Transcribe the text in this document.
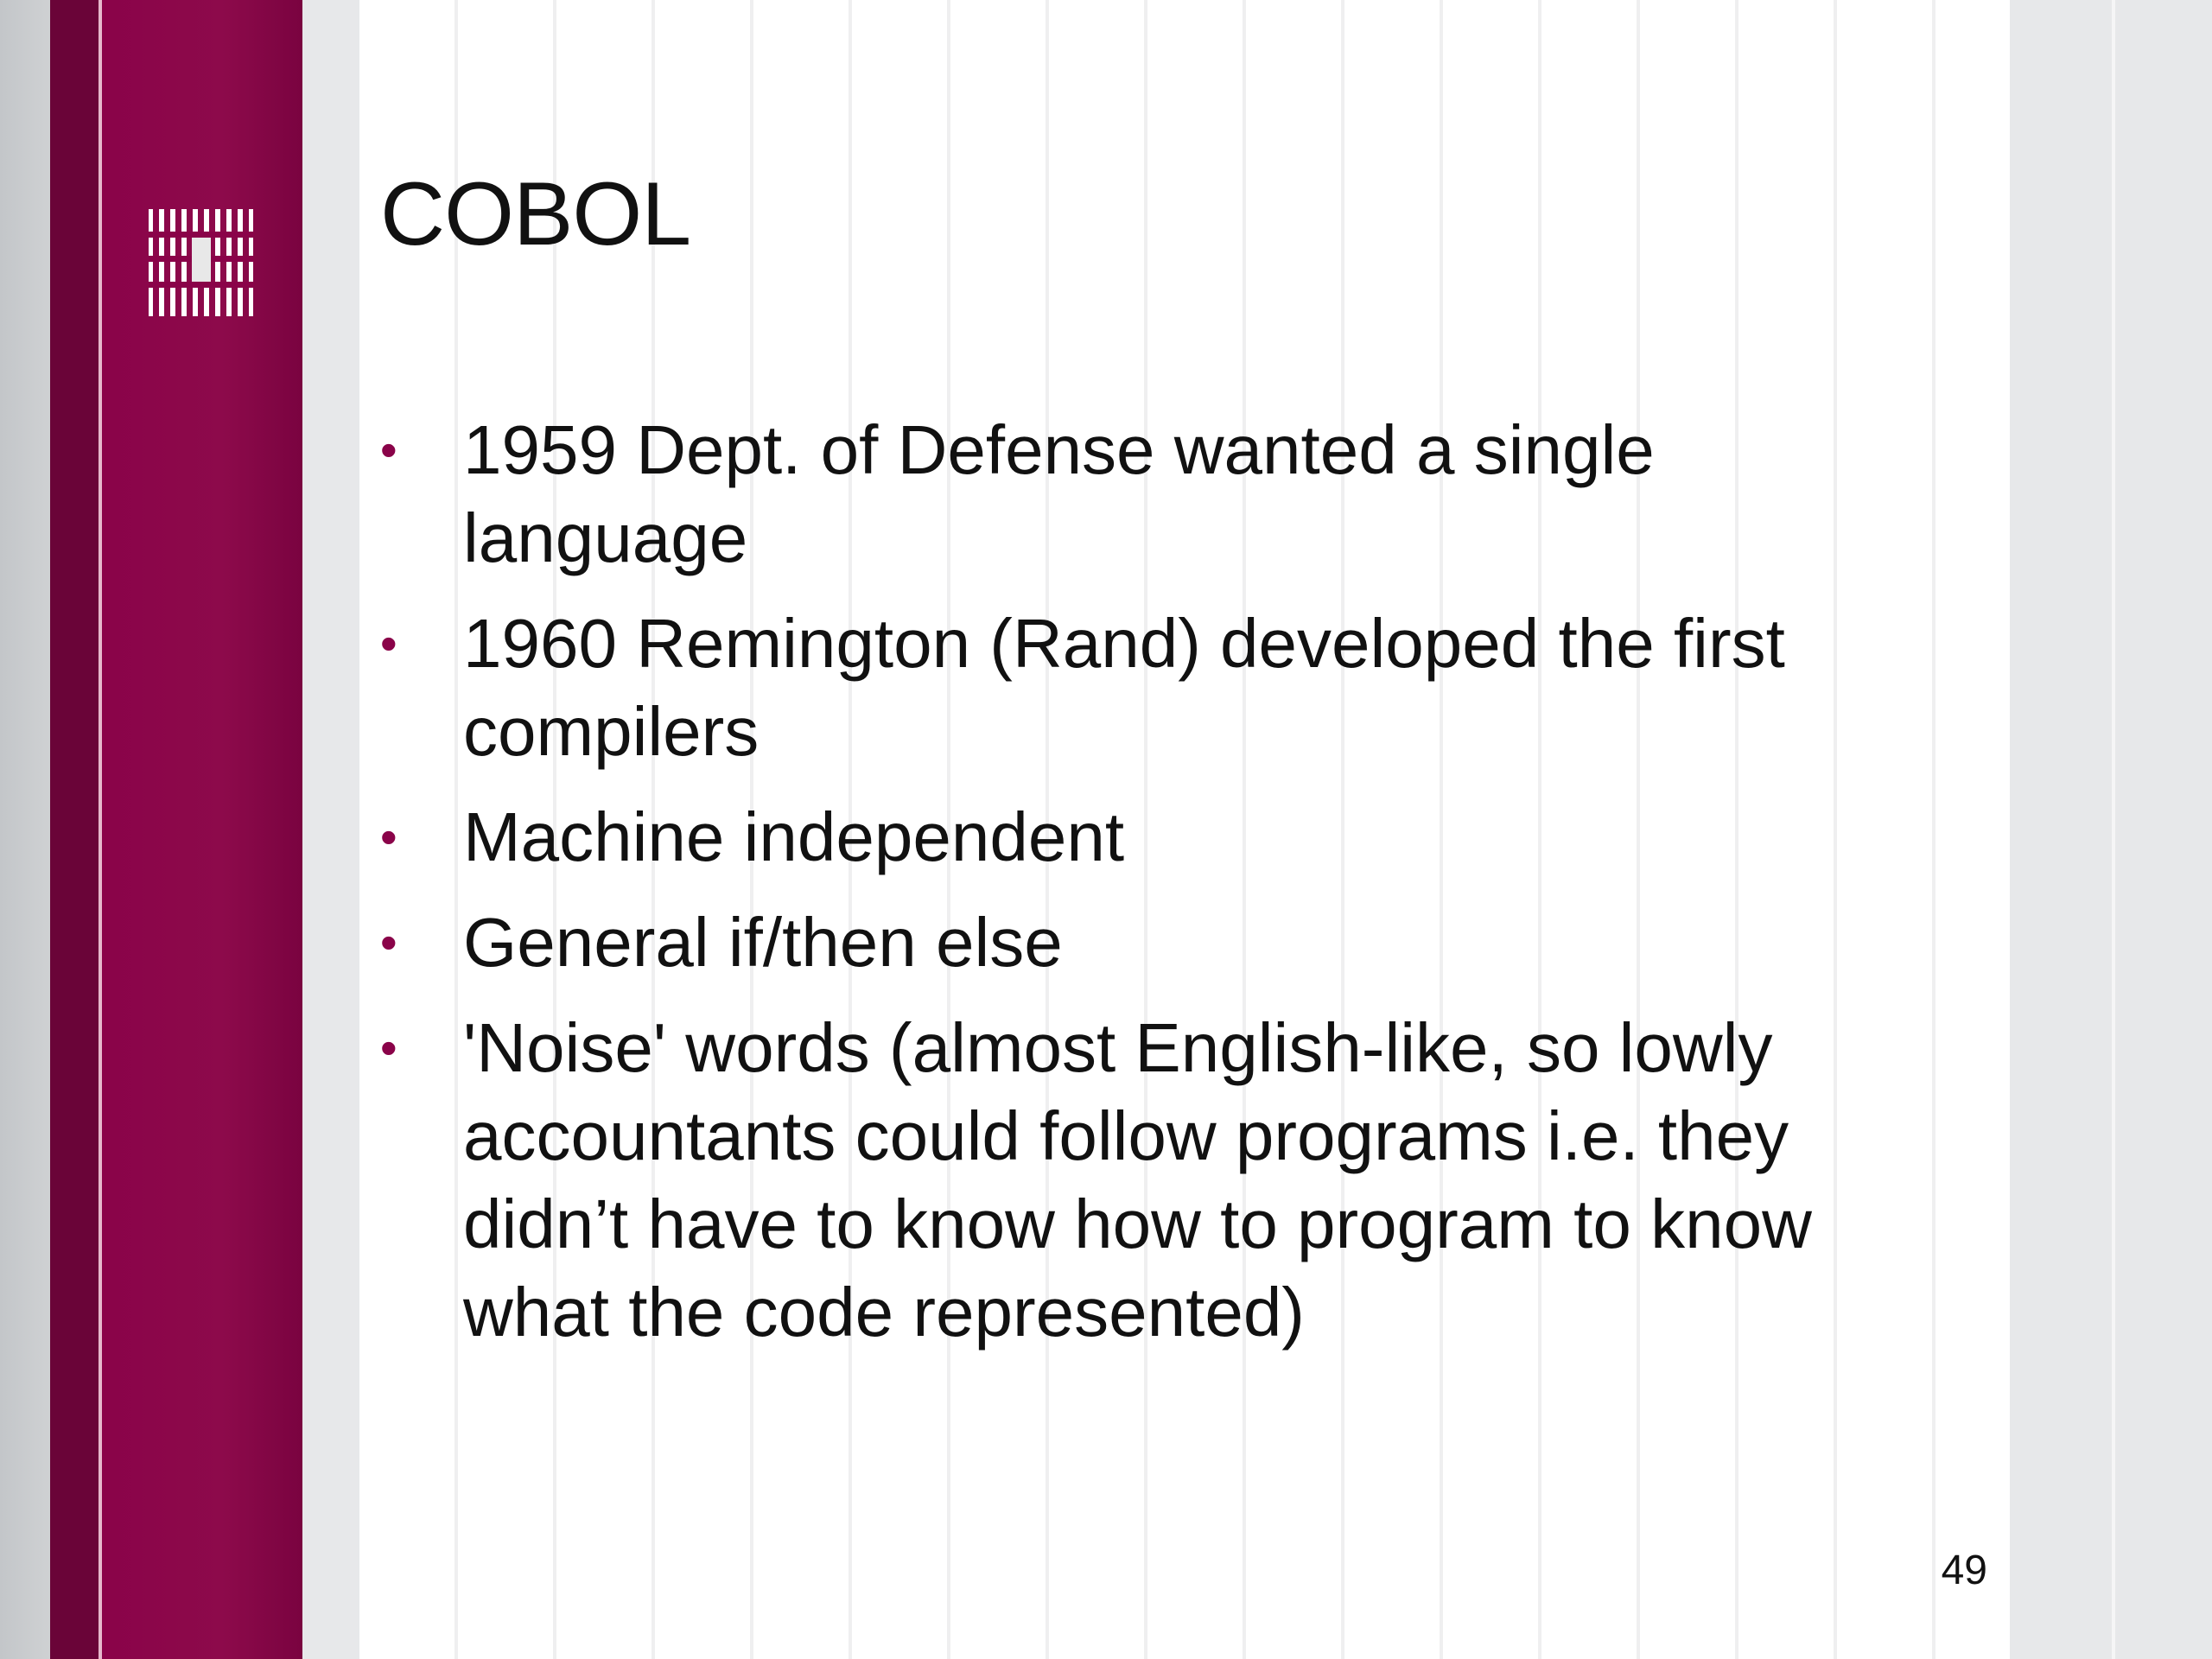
COBOL
• 1959 Dept. of Defense wanted a single language
• 1960 Remington (Rand) developed the first compilers
• Machine independent
• General if/then else
• 'Noise' words (almost English-like, so lowly accountants could follow programs i.e. they didn’t have to know how to program to know what the code represented)
49
